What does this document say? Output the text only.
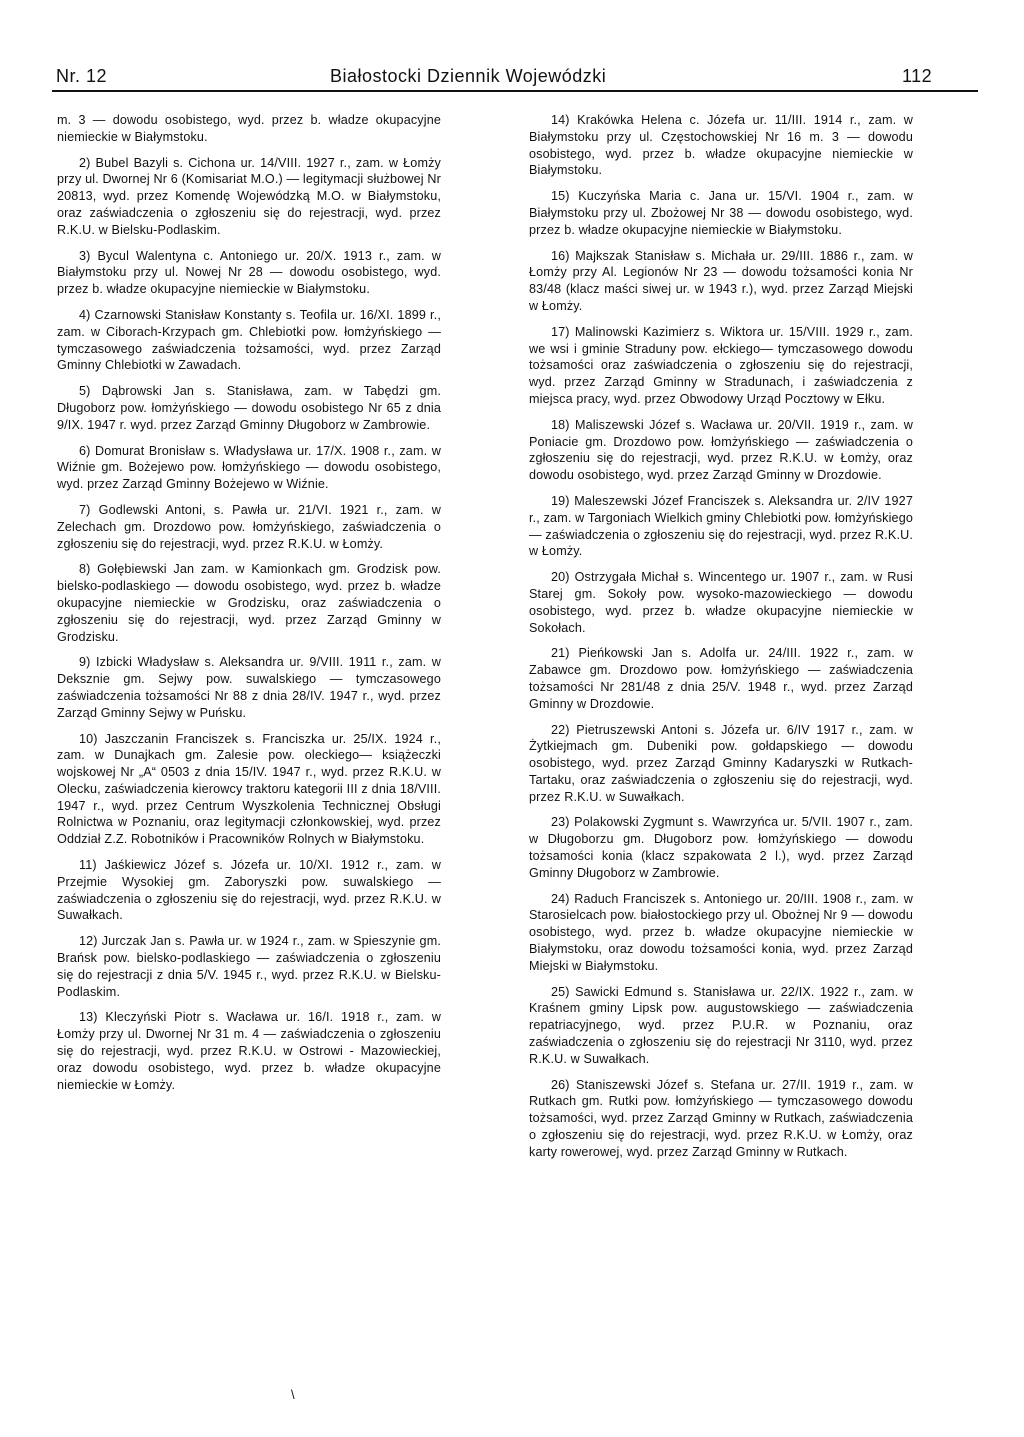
Nr. 12	Białostocki Dziennik Wojewódzki	112

m. 3 — dowodu osobistego, wyd. przez b. władze okupacyjne niemieckie w Białymstoku.

2) Bubel Bazyli s. Cichona ur. 14/VIII. 1927 r., zam. w Łomży przy ul. Dwornej Nr 6 (Komisariat M.O.) — legitymacji służbowej Nr 20813, wyd. przez Komendę Wojewódzką M.O. w Białymstoku, oraz zaświadczenia o zgłoszeniu się do rejestracji, wyd. przez R.K.U. w Bielsku-Podlaskim.

3) Bycul Walentyna c. Antoniego ur. 20/X. 1913 r., zam. w Białymstoku przy ul. Nowej Nr 28 — dowodu osobistego, wyd. przez b. władze okupacyjne niemieckie w Białymstoku.

4) Czarnowski Stanisław Konstanty s. Teofila ur. 16/XI. 1899 r., zam. w Ciborach-Krzypach gm. Chlebiotki pow. łomżyńskiego — tymczasowego zaświadczenia tożsamości, wyd. przez Zarząd Gminny Chlebiotki w Zawadach.

5) Dąbrowski Jan s. Stanisława, zam. w Tabędzi gm. Długoborz pow. łomżyńskiego — dowodu osobistego Nr 65 z dnia 9/IX. 1947 r. wyd. przez Zarząd Gminny Długoborz w Zambrowie.

6) Domurat Bronisław s. Władysława ur. 17/X. 1908 r., zam. w Wiźnie gm. Bożejewo pow. łomżyńskiego — dowodu osobistego, wyd. przez Zarząd Gminny Bożejewo w Wiźnie.

7) Godlewski Antoni, s. Pawła ur. 21/VI. 1921 r., zam. w Zelechach gm. Drozdowo pow. łomżyńskiego, zaświadczenia o zgłoszeniu się do rejestracji, wyd. przez R.K.U. w Łomży.

8) Gołębiewski Jan zam. w Kamionkach gm. Grodzisk pow. bielsko-podlaskiego — dowodu osobistego, wyd. przez b. władze okupacyjne niemieckie w Grodzisku, oraz zaświadczenia o zgłoszeniu się do rejestracji, wyd. przez Zarząd Gminny w Grodzisku.

9) Izbicki Władysław s. Aleksandra ur. 9/VIII. 1911 r., zam. w Deksznie gm. Sejwy pow. suwalskiego — tymczasowego zaświadczenia tożsamości Nr 88 z dnia 28/IV. 1947 r., wyd. przez Zarząd Gminny Sejwy w Puńsku.

10) Jaszczanin Franciszek s. Franciszka ur. 25/IX. 1924 r., zam. w Dunajkach gm. Zalesie pow. oleckiego— książeczki wojskowej Nr „A“ 0503 z dnia 15/IV. 1947 r., wyd. przez R.K.U. w Olecku, zaświadczenia kierowcy traktoru kategorii III z dnia 18/VIII. 1947 r., wyd. przez Centrum Wyszkolenia Technicznej Obsługi Rolnictwa w Poznaniu, oraz legitymacji członkowskiej, wyd. przez Oddział Z.Z. Robotników i Pracowników Rolnych w Białymstoku.

11) Jaśkiewicz Józef s. Józefa ur. 10/XI. 1912 r., zam. w Przejmie Wysokiej gm. Zaboryszki pow. suwalskiego — zaświadczenia o zgłoszeniu się do rejestracji, wyd. przez R.K.U. w Suwałkach.

12) Jurczak Jan s. Pawła ur. w 1924 r., zam. w Spieszynie gm. Brańsk pow. bielsko-podlaskiego — zaświadczenia o zgłoszeniu się do rejestracji z dnia 5/V. 1945 r., wyd. przez R.K.U. w Bielsku-Podlaskim.

13) Kleczyński Piotr s. Wacława ur. 16/I. 1918 r., zam. w Łomży przy ul. Dwornej Nr 31 m. 4 — zaświadczenia o zgłoszeniu się do rejestracji, wyd. przez R.K.U. w Ostrowi - Mazowieckiej, oraz dowodu osobistego, wyd. przez b. władze okupacyjne niemieckie w Łomży.

14) Krakówka Helena c. Józefa ur. 11/III. 1914 r., zam. w Białymstoku przy ul. Częstochowskiej Nr 16 m. 3 — dowodu osobistego, wyd. przez b. władze okupacyjne niemieckie w Białymstoku.

15) Kuczyńska Maria c. Jana ur. 15/VI. 1904 r., zam. w Białymstoku przy ul. Zbożowej Nr 38 — dowodu osobistego, wyd. przez b. władze okupacyjne niemieckie w Białymstoku.

16) Majkszak Stanisław s. Michała ur. 29/III. 1886 r., zam. w Łomży przy Al. Legionów Nr 23 — dowodu tożsamości konia Nr 83/48 (klacz maści siwej ur. w 1943 r.), wyd. przez Zarząd Miejski w Łomży.

17) Malinowski Kazimierz s. Wiktora ur. 15/VIII. 1929 r., zam. we wsi i gminie Straduny pow. ełckiego— tymczasowego dowodu tożsamości oraz zaświadczenia o zgłoszeniu się do rejestracji, wyd. przez Zarząd Gminny w Stradunach, i zaświadczenia z miejsca pracy, wyd. przez Obwodowy Urząd Pocztowy w Ełku.

18) Maliszewski Józef s. Wacława ur. 20/VII. 1919 r., zam. w Poniacie gm. Drozdowo pow. łomżyńskiego — zaświadczenia o zgłoszeniu się do rejestracji, wyd. przez R.K.U. w Łomży, oraz dowodu osobistego, wyd. przez Zarząd Gminny w Drozdowie.

19) Maleszewski Józef Franciszek s. Aleksandra ur. 2/IV 1927 r., zam. w Targoniach Wielkich gminy Chlebiotki pow. łomżyńskiego — zaświadczenia o zgłoszeniu się do rejestracji, wyd. przez R.K.U. w Łomży.

20) Ostrzygała Michał s. Wincentego ur. 1907 r., zam. w Rusi Starej gm. Sokoły pow. wysoko-mazowieckiego — dowodu osobistego, wyd. przez b. władze okupacyjne niemieckie w Sokołach.

21) Pieńkowski Jan s. Adolfa ur. 24/III. 1922 r., zam. w Zabawce gm. Drozdowo pow. łomżyńskiego — zaświadczenia tożsamości Nr 281/48 z dnia 25/V. 1948 r., wyd. przez Zarząd Gminny w Drozdowie.

22) Pietruszewski Antoni s. Józefa ur. 6/IV 1917 r., zam. w Żytkiejmach gm. Dubeniki pow. gołdapskiego — dowodu osobistego, wyd. przez Zarząd Gminny Kadaryszki w Rutkach-Tartaku, oraz zaświadczenia o zgłoszeniu się do rejestracji, wyd. przez R.K.U. w Suwałkach.

23) Polakowski Zygmunt s. Wawrzyńca ur. 5/VII. 1907 r., zam. w Długoborzu gm. Długoborz pow. łomżyńskiego — dowodu tożsamości konia (klacz szpakowata 2 l.), wyd. przez Zarząd Gminny Długoborz w Zambrowie.

24) Raduch Franciszek s. Antoniego ur. 20/III. 1908 r., zam. w Starosielcach pow. białostockiego przy ul. Obożnej Nr 9 — dowodu osobistego, wyd. przez b. władze okupacyjne niemieckie w Białymstoku, oraz dowodu tożsamości konia, wyd. przez Zarząd Miejski w Białymstoku.

25) Sawicki Edmund s. Stanisława ur. 22/IX. 1922 r., zam. w Kraśnem gminy Lipsk pow. augustowskiego — zaświadczenia repatriacyjnego, wyd. przez P.U.R. w Poznaniu, oraz zaświadczenia o zgłoszeniu się do rejestracji Nr 3110, wyd. przez R.K.U. w Suwałkach.

26) Staniszewski Józef s. Stefana ur. 27/II. 1919 r., zam. w Rutkach gm. Rutki pow. łomżyńskiego — tymczasowego dowodu tożsamości, wyd. przez Zarząd Gminny w Rutkach, zaświadczenia o zgłoszeniu się do rejestracji, wyd. przez R.K.U. w Łomży, oraz karty rowerowej, wyd. przez Zarząd Gminny w Rutkach.

\
